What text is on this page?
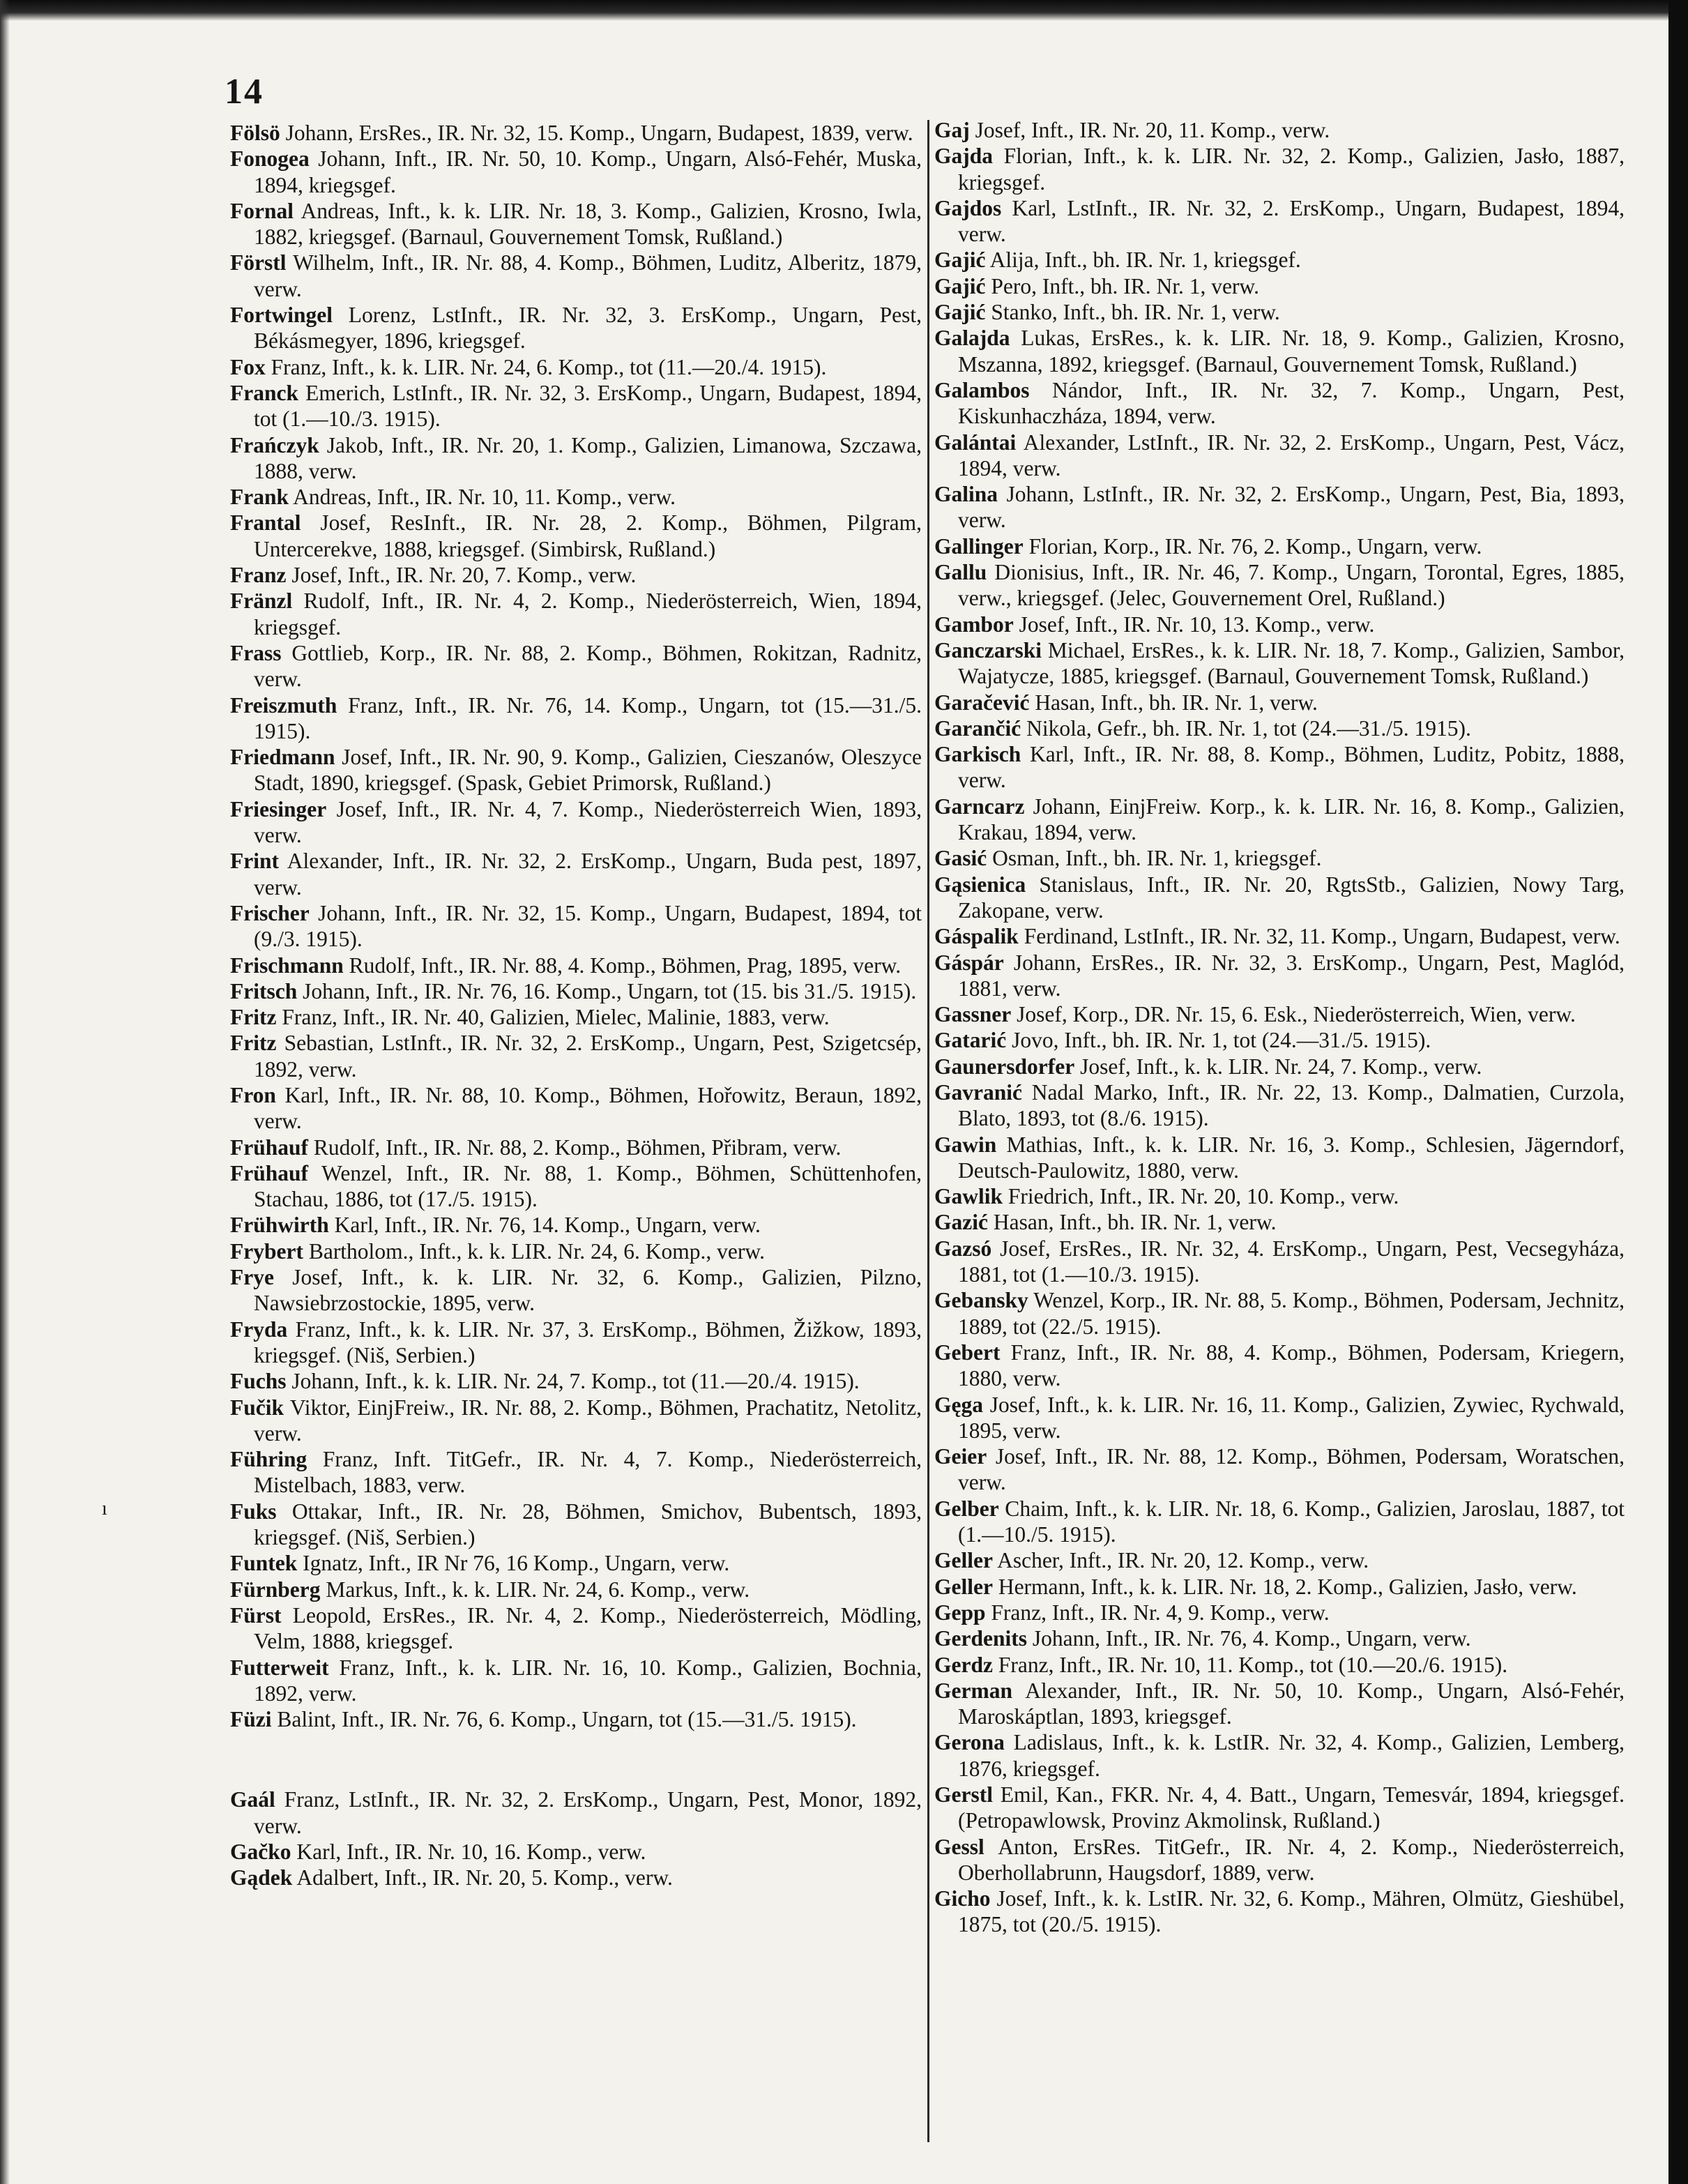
14
ı

Fölsö Johann, ErsRes., IR. Nr. 32, 15. Komp., Ungarn, Budapest, 1839, verw.

Fonogea Johann, Inft., IR. Nr. 50, 10. Komp., Ungarn, Alsó-Fehér, Muska, 1894, kriegsgef.

Fornal Andreas, Inft., k. k. LIR. Nr. 18, 3. Komp., Galizien, Krosno, Iwla, 1882, kriegsgef. (Barnaul, Gouvernement Tomsk, Rußland.)

Förstl Wilhelm, Inft., IR. Nr. 88, 4. Komp., Böhmen, Luditz, Alberitz, 1879, verw.

Fortwingel Lorenz, LstInft., IR. Nr. 32, 3. ErsKomp., Ungarn, Pest, Békásmegyer, 1896, kriegsgef.

Fox Franz, Inft., k. k. LIR. Nr. 24, 6. Komp., tot (11.—20./4. 1915).

Franck Emerich, LstInft., IR. Nr. 32, 3. ErsKomp., Ungarn, Budapest, 1894, tot (1.—10./3. 1915).

Frańczyk Jakob, Inft., IR. Nr. 20, 1. Komp., Galizien, Limanowa, Szczawa, 1888, verw.

Frank Andreas, Inft., IR. Nr. 10, 11. Komp., verw.

Frantal Josef, ResInft., IR. Nr. 28, 2. Komp., Böhmen, Pilgram, Untercerekve, 1888, kriegsgef. (Simbirsk, Rußland.)

Franz Josef, Inft., IR. Nr. 20, 7. Komp., verw.

Fränzl Rudolf, Inft., IR. Nr. 4, 2. Komp., Niederösterreich, Wien, 1894, kriegsgef.

Frass Gottlieb, Korp., IR. Nr. 88, 2. Komp., Böhmen, Rokitzan, Radnitz, verw.

Freiszmuth Franz, Inft., IR. Nr. 76, 14. Komp., Ungarn, tot (15.—31./5. 1915).

Friedmann Josef, Inft., IR. Nr. 90, 9. Komp., Galizien, Cieszanów, Oleszyce Stadt, 1890, kriegsgef. (Spask, Gebiet Primorsk, Rußland.)

Friesinger Josef, Inft., IR. Nr. 4, 7. Komp., Niederösterreich Wien, 1893, verw.

Frint Alexander, Inft., IR. Nr. 32, 2. ErsKomp., Ungarn, Buda pest, 1897, verw.

Frischer Johann, Inft., IR. Nr. 32, 15. Komp., Ungarn, Budapest, 1894, tot (9./3. 1915).

Frischmann Rudolf, Inft., IR. Nr. 88, 4. Komp., Böhmen, Prag, 1895, verw.

Fritsch Johann, Inft., IR. Nr. 76, 16. Komp., Ungarn, tot (15. bis 31./5. 1915).

Fritz Franz, Inft., IR. Nr. 40, Galizien, Mielec, Malinie, 1883, verw.

Fritz Sebastian, LstInft., IR. Nr. 32, 2. ErsKomp., Ungarn, Pest, Szigetcsép, 1892, verw.

Fron Karl, Inft., IR. Nr. 88, 10. Komp., Böhmen, Hořowitz, Beraun, 1892, verw.

Frühauf Rudolf, Inft., IR. Nr. 88, 2. Komp., Böhmen, Přibram, verw.

Frühauf Wenzel, Inft., IR. Nr. 88, 1. Komp., Böhmen, Schüttenhofen, Stachau, 1886, tot (17./5. 1915).

Frühwirth Karl, Inft., IR. Nr. 76, 14. Komp., Ungarn, verw.

Frybert Bartholom., Inft., k. k. LIR. Nr. 24, 6. Komp., verw.

Frye Josef, Inft., k. k. LIR. Nr. 32, 6. Komp., Galizien, Pilzno, Nawsiebrzostockie, 1895, verw.

Fryda Franz, Inft., k. k. LIR. Nr. 37, 3. ErsKomp., Böhmen, Žižkow, 1893, kriegsgef. (Niš, Serbien.)

Fuchs Johann, Inft., k. k. LIR. Nr. 24, 7. Komp., tot (11.—20./4. 1915).

Fučik Viktor, EinjFreiw., IR. Nr. 88, 2. Komp., Böhmen, Prachatitz, Netolitz, verw.

Führing Franz, Inft. TitGefr., IR. Nr. 4, 7. Komp., Niederösterreich, Mistelbach, 1883, verw.

Fuks Ottakar, Inft., IR. Nr. 28, Böhmen, Smichov, Bubentsch, 1893, kriegsgef. (Niš, Serbien.)

Funtek Ignatz, Inft., IR Nr 76, 16 Komp., Ungarn, verw.

Fürnberg Markus, Inft., k. k. LIR. Nr. 24, 6. Komp., verw.

Fürst Leopold, ErsRes., IR. Nr. 4, 2. Komp., Niederösterreich, Mödling, Velm, 1888, kriegsgef.

Futterweit Franz, Inft., k. k. LIR. Nr. 16, 10. Komp., Galizien, Bochnia, 1892, verw.

Füzi Balint, Inft., IR. Nr. 76, 6. Komp., Ungarn, tot (15.—31./5. 1915).

Gaál Franz, LstInft., IR. Nr. 32, 2. ErsKomp., Ungarn, Pest, Monor, 1892, verw.

Gačko Karl, Inft., IR. Nr. 10, 16. Komp., verw.

Gądek Adalbert, Inft., IR. Nr. 20, 5. Komp., verw.

Gaj Josef, Inft., IR. Nr. 20, 11. Komp., verw.

Gajda Florian, Inft., k. k. LIR. Nr. 32, 2. Komp., Galizien, Jasło, 1887, kriegsgef.

Gajdos Karl, LstInft., IR. Nr. 32, 2. ErsKomp., Ungarn, Budapest, 1894, verw.

Gajić Alija, Inft., bh. IR. Nr. 1, kriegsgef.

Gajić Pero, Inft., bh. IR. Nr. 1, verw.

Gajić Stanko, Inft., bh. IR. Nr. 1, verw.

Galajda Lukas, ErsRes., k. k. LIR. Nr. 18, 9. Komp., Galizien, Krosno, Mszanna, 1892, kriegsgef. (Barnaul, Gouvernement Tomsk, Rußland.)

Galambos Nándor, Inft., IR. Nr. 32, 7. Komp., Ungarn, Pest, Kiskunhaczháza, 1894, verw.

Galántai Alexander, LstInft., IR. Nr. 32, 2. ErsKomp., Ungarn, Pest, Vácz, 1894, verw.

Galina Johann, LstInft., IR. Nr. 32, 2. ErsKomp., Ungarn, Pest, Bia, 1893, verw.

Gallinger Florian, Korp., IR. Nr. 76, 2. Komp., Ungarn, verw.

Gallu Dionisius, Inft., IR. Nr. 46, 7. Komp., Ungarn, Torontal, Egres, 1885, verw., kriegsgef. (Jelec, Gouvernement Orel, Rußland.)

Gambor Josef, Inft., IR. Nr. 10, 13. Komp., verw.

Ganczarski Michael, ErsRes., k. k. LIR. Nr. 18, 7. Komp., Galizien, Sambor, Wajatycze, 1885, kriegsgef. (Barnaul, Gouvernement Tomsk, Rußland.)

Garačević Hasan, Inft., bh. IR. Nr. 1, verw.

Garančić Nikola, Gefr., bh. IR. Nr. 1, tot (24.—31./5. 1915).

Garkisch Karl, Inft., IR. Nr. 88, 8. Komp., Böhmen, Luditz, Pobitz, 1888, verw.

Garncarz Johann, EinjFreiw. Korp., k. k. LIR. Nr. 16, 8. Komp., Galizien, Krakau, 1894, verw.

Gasić Osman, Inft., bh. IR. Nr. 1, kriegsgef.

Gąsienica Stanislaus, Inft., IR. Nr. 20, RgtsStb., Galizien, Nowy Targ, Zakopane, verw.

Gáspalik Ferdinand, LstInft., IR. Nr. 32, 11. Komp., Ungarn, Budapest, verw.

Gáspár Johann, ErsRes., IR. Nr. 32, 3. ErsKomp., Ungarn, Pest, Maglód, 1881, verw.

Gassner Josef, Korp., DR. Nr. 15, 6. Esk., Niederösterreich, Wien, verw.

Gatarić Jovo, Inft., bh. IR. Nr. 1, tot (24.—31./5. 1915).

Gaunersdorfer Josef, Inft., k. k. LIR. Nr. 24, 7. Komp., verw.

Gavranić Nadal Marko, Inft., IR. Nr. 22, 13. Komp., Dalmatien, Curzola, Blato, 1893, tot (8./6. 1915).

Gawin Mathias, Inft., k. k. LIR. Nr. 16, 3. Komp., Schlesien, Jägerndorf, Deutsch-Paulowitz, 1880, verw.

Gawlik Friedrich, Inft., IR. Nr. 20, 10. Komp., verw.

Gazić Hasan, Inft., bh. IR. Nr. 1, verw.

Gazsó Josef, ErsRes., IR. Nr. 32, 4. ErsKomp., Ungarn, Pest, Vecsegyháza, 1881, tot (1.—10./3. 1915).

Gebansky Wenzel, Korp., IR. Nr. 88, 5. Komp., Böhmen, Podersam, Jechnitz, 1889, tot (22./5. 1915).

Gebert Franz, Inft., IR. Nr. 88, 4. Komp., Böhmen, Podersam, Kriegern, 1880, verw.

Gęga Josef, Inft., k. k. LIR. Nr. 16, 11. Komp., Galizien, Zywiec, Rychwald, 1895, verw.

Geier Josef, Inft., IR. Nr. 88, 12. Komp., Böhmen, Podersam, Woratschen, verw.

Gelber Chaim, Inft., k. k. LIR. Nr. 18, 6. Komp., Galizien, Jaroslau, 1887, tot (1.—10./5. 1915).

Geller Ascher, Inft., IR. Nr. 20, 12. Komp., verw.

Geller Hermann, Inft., k. k. LIR. Nr. 18, 2. Komp., Galizien, Jasło, verw.

Gepp Franz, Inft., IR. Nr. 4, 9. Komp., verw.

Gerdenits Johann, Inft., IR. Nr. 76, 4. Komp., Ungarn, verw.

Gerdz Franz, Inft., IR. Nr. 10, 11. Komp., tot (10.—20./6. 1915).

German Alexander, Inft., IR. Nr. 50, 10. Komp., Ungarn, Alsó-Fehér, Maroskáptlan, 1893, kriegsgef.

Gerona Ladislaus, Inft., k. k. LstIR. Nr. 32, 4. Komp., Galizien, Lemberg, 1876, kriegsgef.

Gerstl Emil, Kan., FKR. Nr. 4, 4. Batt., Ungarn, Temesvár, 1894, kriegsgef. (Petropawlowsk, Provinz Akmolinsk, Rußland.)

Gessl Anton, ErsRes. TitGefr., IR. Nr. 4, 2. Komp., Niederösterreich, Oberhollabrunn, Haugsdorf, 1889, verw.

Gicho Josef, Inft., k. k. LstIR. Nr. 32, 6. Komp., Mähren, Olmütz, Gieshübel, 1875, tot (20./5. 1915).
